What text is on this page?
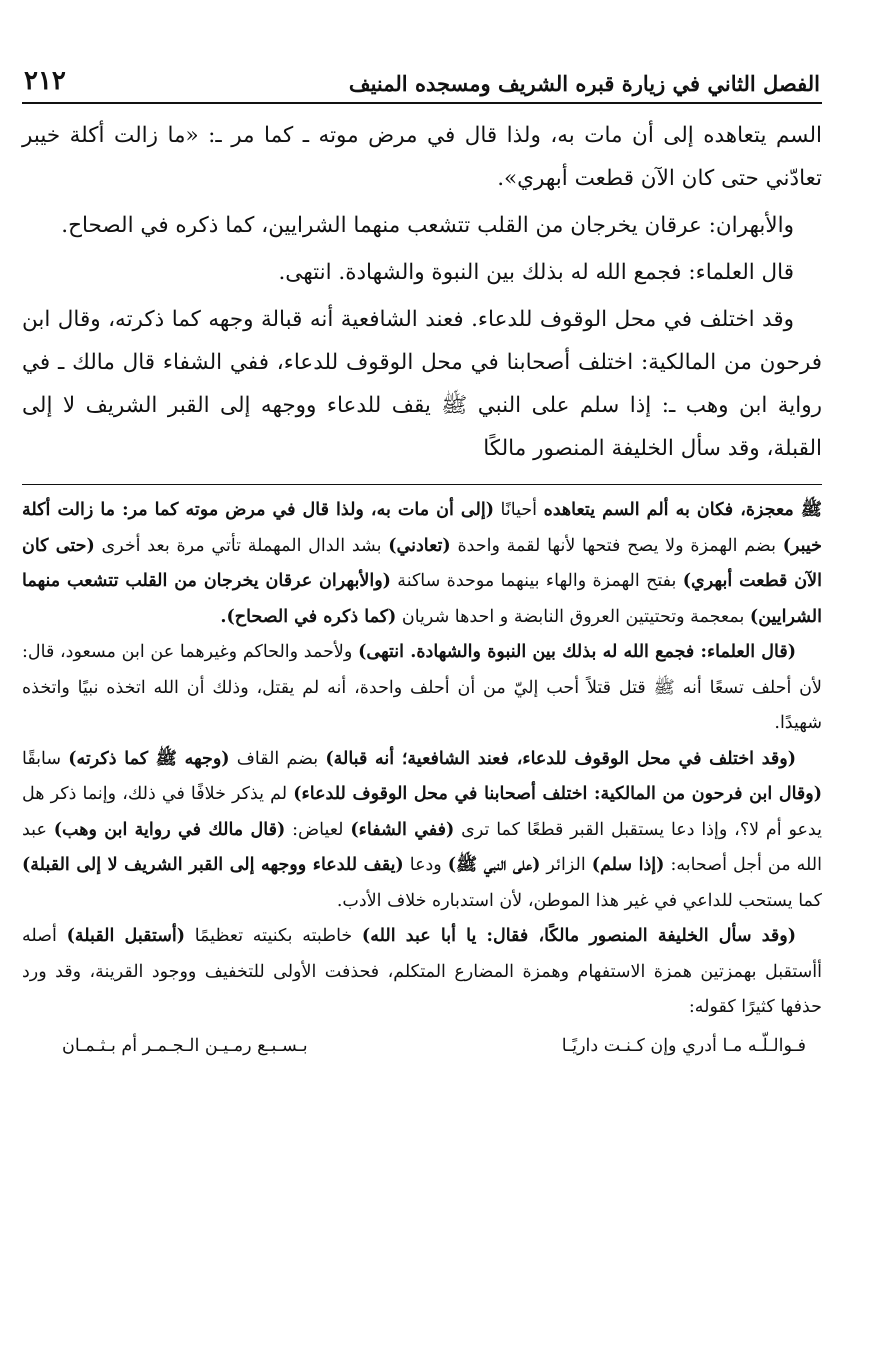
الفصل الثاني في زيارة قبره الشريف ومسجده المنيف
٢١٢

السم يتعاهده إلى أن مات به، ولذا قال في مرض موته ـ كما مر ـ: «ما زالت أكلة خيبر تعادّني حتى كان الآن قطعت أبهري».

والأبهران: عرقان يخرجان من القلب تتشعب منهما الشرايين، كما ذكره في الصحاح.

قال العلماء: فجمع الله له بذلك بين النبوة والشهادة. انتهى.

وقد اختلف في محل الوقوف للدعاء. فعند الشافعية أنه قبالة وجهه كما ذكرته، وقال ابن فرحون من المالكية: اختلف أصحابنا في محل الوقوف للدعاء، ففي الشفاء قال مالك ـ في رواية ابن وهب ـ: إذا سلم على النبي ﷺ يقف للدعاء ووجهه إلى القبر الشريف لا إلى القبلة، وقد سأل الخليفة المنصور مالكًا

ﷺ معجزة، فكان به ألم السم يتعاهده أحيانًا (إلى أن مات به، ولذا قال في مرض موته كما مر: ما زالت أكلة خيبر) بضم الهمزة ولا يصح فتحها لأنها لقمة واحدة (تعادني) بشد الدال المهملة تأتي مرة بعد أخرى (حتى كان الآن قطعت أبهري) بفتح الهمزة والهاء بينهما موحدة ساكنة (والأبهران عرقان يخرجان من القلب تتشعب منهما الشرايين) بمعجمة وتحتيتين العروق النابضة و احدها شريان (كما ذكره في الصحاح).

(قال العلماء: فجمع الله له بذلك بين النبوة والشهادة. انتهى) ولأحمد والحاكم وغيرهما عن ابن مسعود، قال: لأن أحلف تسعًا أنه ﷺ قتل قتلاً أحب إليّ من أن أحلف واحدة، أنه لم يقتل، وذلك أن الله اتخذه نبيًا واتخذه شهيدًا.

(وقد اختلف في محل الوقوف للدعاء، فعند الشافعية؛ أنه قبالة) بضم القاف (وجهه ﷺ كما ذكرته) سابقًا (وقال ابن فرحون من المالكية: اختلف أصحابنا في محل الوقوف للدعاء) لم يذكر خلافًا في ذلك، وإنما ذكر هل يدعو أم لا؟، وإذا دعا يستقبل القبر قطعًا كما ترى (ففي الشفاء) لعياض: (قال مالك في رواية ابن وهب) عبد الله من أجل أصحابه: (إذا سلم) الزائر (على النبي ﷺ) ودعا (يقف للدعاء ووجهه إلى القبر الشريف لا إلى القبلة) كما يستحب للداعي في غير هذا الموطن، لأن استدباره خلاف الأدب.

(وقد سأل الخليفة المنصور مالكًا، فقال: يا أبا عبد الله) خاطبته بكنيته تعظيمًا (أستقبل القبلة) أصله أأستقبل بهمزتين همزة الاستفهام وهمزة المضارع المتكلم، فحذفت الأولى للتخفيف ووجود القرينة، وقد ورد حذفها كثيرًا كقوله:

فـوالـلّـه مـا أدري وإن كـنـت داريًـا
بـسـبـع رمـيـن الـجـمـر أم بـثـمـان
